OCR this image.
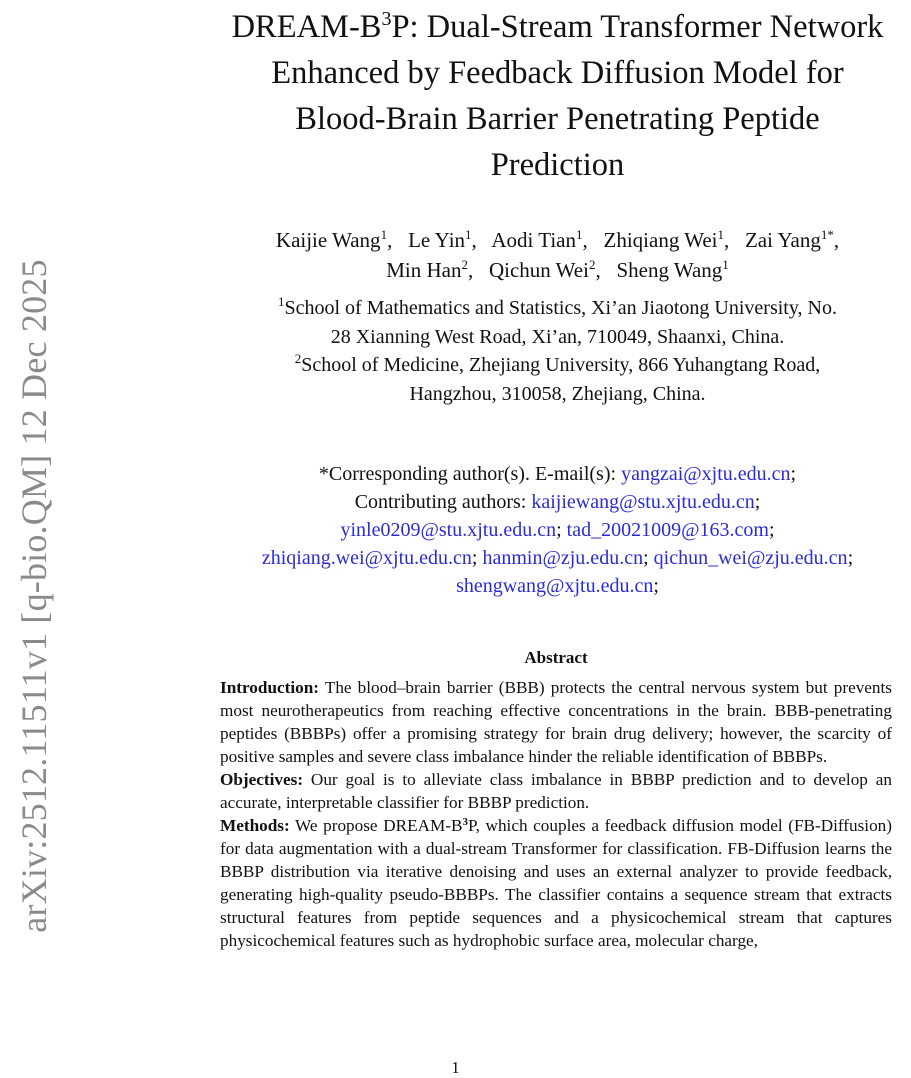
arXiv:2512.11511v1 [q-bio.QM] 12 Dec 2025
DREAM-$B^3P$: Dual-Stream Transformer Network
Enhanced by Feedback Diffusion Model for
Blood-Brain Barrier Penetrating Peptide
Prediction

Kaijie Wang$^1$,   Le Yin$^1$,   Aodi Tian$^1$,   Zhiqiang Wei$^1$,   Zai Yang$^{1*}$,
Min Han$^2$,   Qichun Wei$^2$,   Sheng Wang$^1$

$^1$School of Mathematics and Statistics, Xi’an Jiaotong University, No.
28 Xianning West Road, Xi’an, 710049, Shaanxi, China.

$^2$School of Medicine, Zhejiang University, 866 Yuhangtang Road,
Hangzhou, 310058, Zhejiang, China.

*Corresponding author(s). E-mail(s): yangzai@xjtu.edu.cn;
Contributing authors: kaijiewang@stu.xjtu.edu.cn;
yinle0209@stu.xjtu.edu.cn; tad_20021009@163.com;
zhiqiang.wei@xjtu.edu.cn; hanmin@zju.edu.cn; qichun_wei@zju.edu.cn;
shengwang@xjtu.edu.cn;

Abstract

Introduction: The blood–brain barrier (BBB) protects the central nervous system but prevents most neurotherapeutics from reaching effective concentrations in the brain. BBB-penetrating peptides (BBBPs) offer a promising strategy for brain drug delivery; however, the scarcity of positive samples and severe class imbalance hinder the reliable identification of BBBPs.

Objectives: Our goal is to alleviate class imbalance in BBBP prediction and to develop an accurate, interpretable classifier for BBBP prediction.

Methods: We propose DREAM-$B^3P$, which couples a feedback diffusion model (FB-Diffusion) for data augmentation with a dual-stream Transformer for classification. FB-Diffusion learns the BBBP distribution via iterative denoising and uses an external analyzer to provide feedback, generating high-quality pseudo-BBBPs. The classifier contains a sequence stream that extracts structural features from peptide sequences and a physicochemical stream that captures physicochemical features such as hydrophobic surface area, molecular charge,

1
